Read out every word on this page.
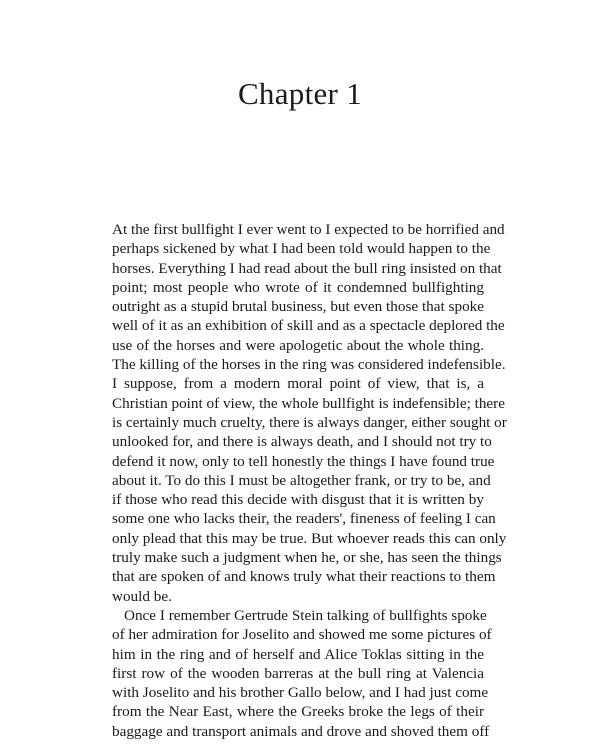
Chapter 1
At the first bullfight I ever went to I expected to be horrified and
perhaps sickened by what I had been told would happen to the
horses. Everything I had read about the bull ring insisted on that
point; most people who wrote of it condemned bullfighting
outright as a stupid brutal business, but even those that spoke
well of it as an exhibition of skill and as a spectacle deplored the
use of the horses and were apologetic about the whole thing.
The killing of the horses in the ring was considered indefensible.
I suppose, from a modern moral point of view, that is, a
Christian point of view, the whole bullfight is indefensible; there
is certainly much cruelty, there is always danger, either sought or
unlooked for, and there is always death, and I should not try to
defend it now, only to tell honestly the things I have found true
about it. To do this I must be altogether frank, or try to be, and
if those who read this decide with disgust that it is written by
some one who lacks their, the readers', fineness of feeling I can
only plead that this may be true. But whoever reads this can only
truly make such a judgment when he, or she, has seen the things
that are spoken of and knows truly what their reactions to them
would be.
Once I remember Gertrude Stein talking of bullfights spoke
of her admiration for Joselito and showed me some pictures of
him in the ring and of herself and Alice Toklas sitting in the
first row of the wooden barreras at the bull ring at Valencia
with Joselito and his brother Gallo below, and I had just come
from the Near East, where the Greeks broke the legs of their
baggage and transport animals and drove and shoved them off
